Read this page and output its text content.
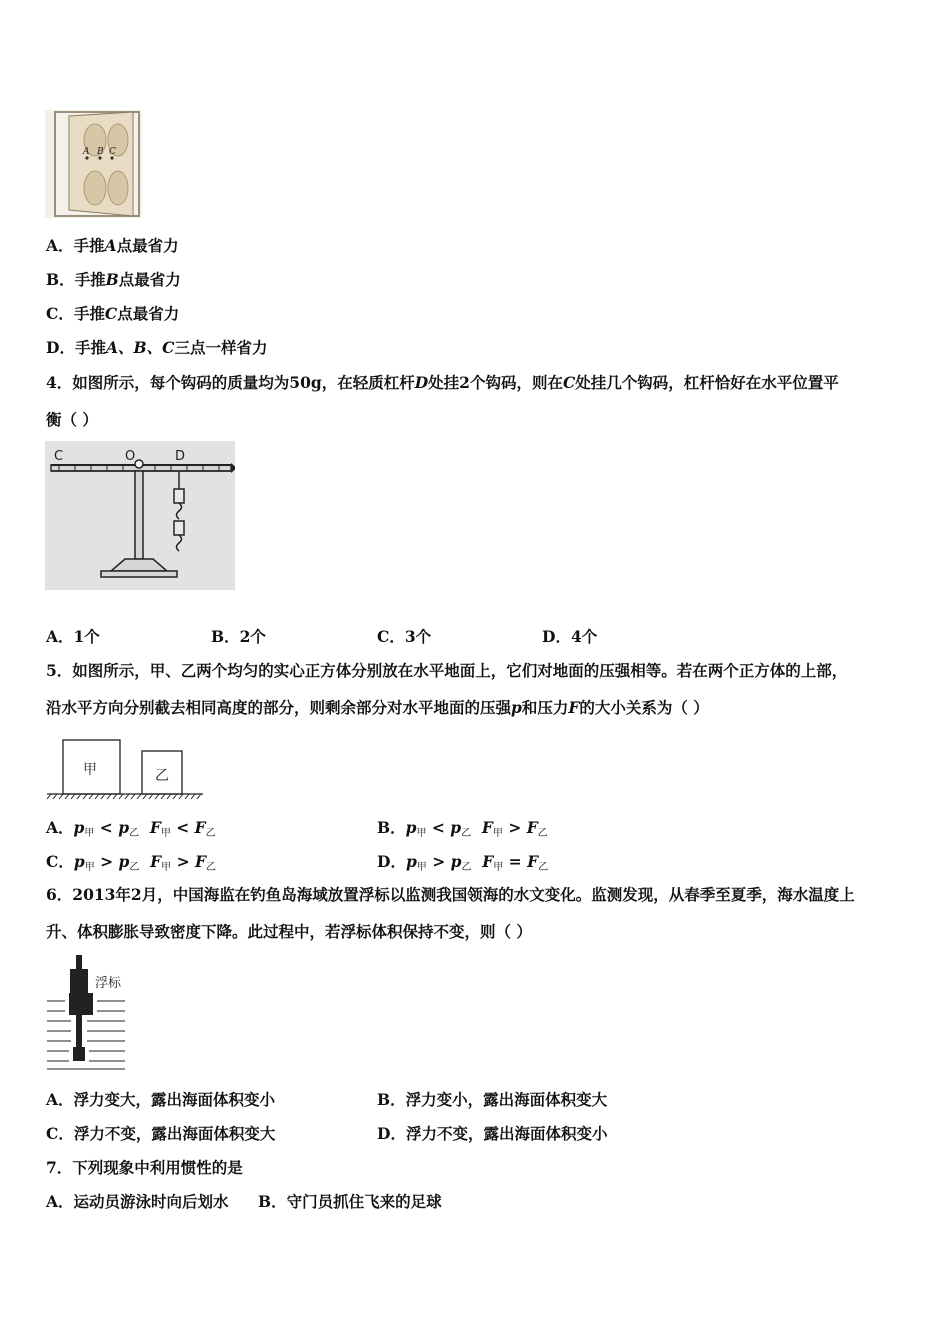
A B C
A．手推A点最省力
B．手推B点最省力
C．手推C点最省力
D．手推A、B、C三点一样省力
4．如图所示，每个钩码的质量均为50g，在轻质杠杆D处挂2个钩码，则在C处挂几个钩码，杠杆恰好在水平位置平
衡（ ）
C	O	D
A．1个	B．2个	C．3个	D．4个
5．如图所示，甲、乙两个均匀的实心正方体分别放在水平地面上，它们对地面的压强相等。若在两个正方体的上部，
沿水平方向分别截去相同高度的部分，则剩余部分对水平地面的压强p和压力F的大小关系为（ ）
甲	乙
A．$p_甲 < p_乙$ $F_甲 < F_乙$	B．$p_甲 < p_乙$ $F_甲 > F_乙$
C．$p_甲 > p_乙$ $F_甲 > F_乙$	D．$p_甲 > p_乙$ $F_甲 = F_乙$
6．2013年2月，中国海监在钓鱼岛海域放置浮标以监测我国领海的水文变化。监测发现，从春季至夏季，海水温度上
升、体积膨胀导致密度下降。此过程中，若浮标体积保持不变，则（ ）
浮标
A．浮力变大，露出海面体积变小	B．浮力变小，露出海面体积变大
C．浮力不变，露出海面体积变大	D．浮力不变，露出海面体积变小
7．下列现象中利用惯性的是
A．运动员游泳时向后划水 B．守门员抓住飞来的足球
